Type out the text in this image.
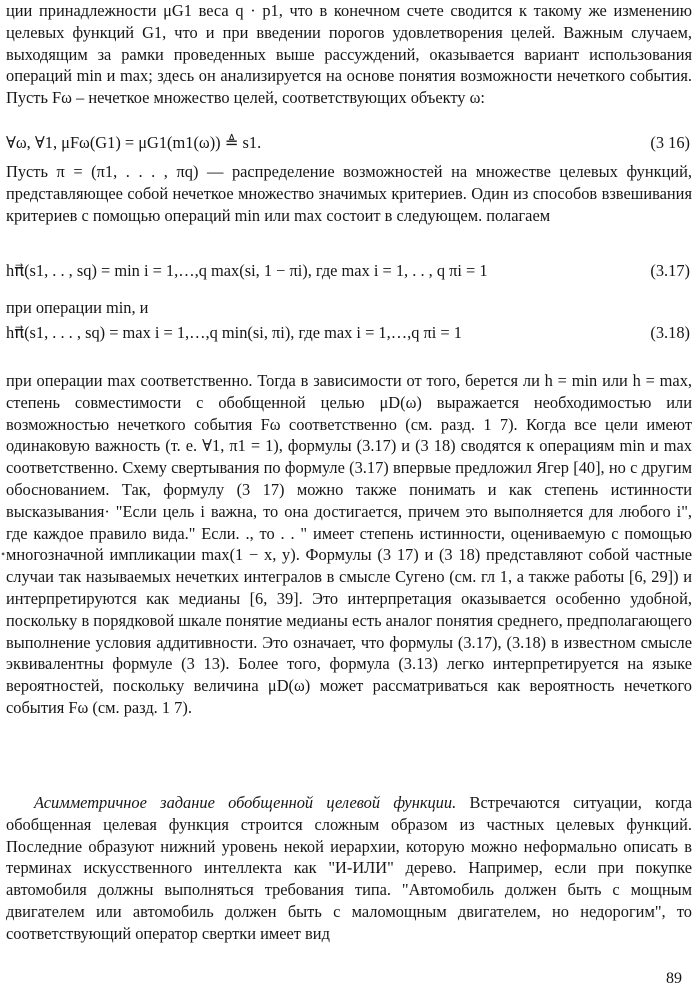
ции принадлежности μG1 веса q · p1, что в конечном счете сводится к такому же изменению целевых функций G1, что и при введении порогов удовлетворения целей. Важным случаем, выходящим за рамки проведенных выше рассуждений, оказывается вариант использования операций min и max; здесь он анализируется на основе понятия возможности нечеткого события. Пусть Fω – нечеткое множество целей, соответствующих объекту ω:

∀ω, ∀1, μFω(G1) = μG1(m1(ω)) ≜ s1.	(3 16)

Пусть π = (π1, . . . , πq) — распределение возможностей на множестве целевых функций, представляющее собой нечеткое множество значимых критериев. Один из способов взвешивания критериев с помощью операций min или max состоит в следующем. полагаем

hπ⃗(s1, . . , sq) = min i = 1,…,q max(si, 1 − πi), где max i = 1, . . , q πi = 1	(3.17)
при операции min, и
hπ⃗(s1, . . . , sq) = max i = 1,…,q min(si, πi), где max i = 1,…,q πi = 1	(3.18)

при операции max соответственно. Тогда в зависимости от того, берется ли h = min или h = max, степень совместимости с обобщенной целью μD(ω) выражается необходимостью или возможностью нечеткого события Fω соответственно (см. разд. 1 7). Когда все цели имеют одинаковую важность (т. е. ∀1, π1 = 1), формулы (3.17) и (3 18) сводятся к операциям min и max соответственно. Схему свертывания по формуле (3.17) впервые предложил Ягер [40], но с другим обоснованием. Так, формулу (3 17) можно также понимать и как степень истинности высказывания· "Если цель i важна, то она достигается, причем это выполняется для любого i", где каждое правило вида." Если. ., то . . " имеет степень истинности, оцениваемую с помощью многозначной импликации max(1 − x, y). Формулы (3 17) и (3 18) представляют собой частные случаи так называемых нечетких интегралов в смысле Сугено (см. гл 1, а также работы [6, 29]) и интерпретируются как медианы [6, 39]. Это интерпретация оказывается особенно удобной, поскольку в порядковой шкале понятие медианы есть аналог понятия среднего, предполагающего выполнение условия аддитивности. Это означает, что формулы (3.17), (3.18) в известном смысле эквивалентны формуле (3 13). Более того, формула (3.13) легко интерпретируется на языке вероятностей, поскольку величина μD(ω) может рассматриваться как вероятность нечеткого события Fω (см. разд. 1 7).

•

Асимметричное задание обобщенной целевой функции. Встречаются ситуации, когда обобщенная целевая функция строится сложным образом из частных целевых функций. Последние образуют нижний уровень некой иерархии, которую можно неформально описать в терминах искусственного интеллекта как "И-ИЛИ" дерево. Например, если при покупке автомобиля должны выполняться требования типа. "Автомобиль должен быть с мощным двигателем или автомобиль должен быть с маломощным двигателем, но недорогим", то соответствующий оператор свертки имеет вид

89
